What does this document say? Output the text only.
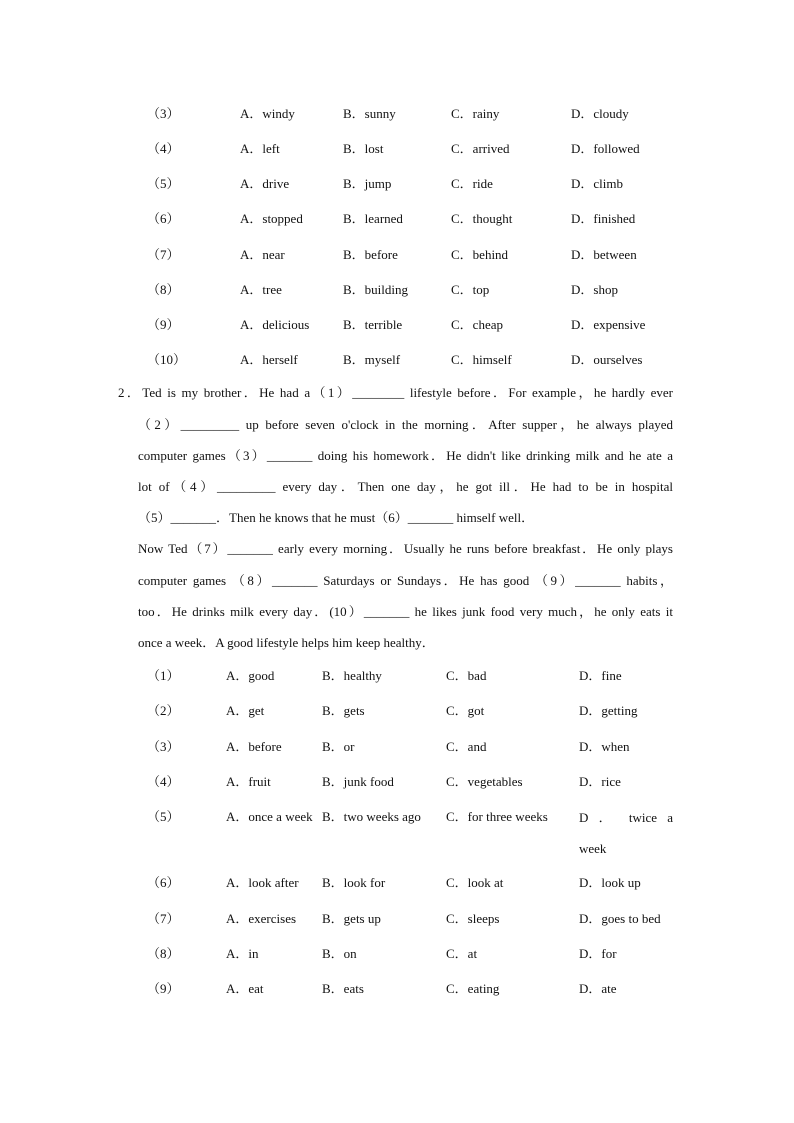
（3）	A．windy	B．sunny	C．rainy	D．cloudy
（4）	A．left	B．lost	C．arrived	D．followed
（5）	A．drive	B．jump	C．ride	D．climb
（6）	A．stopped	B．learned	C．thought	D．finished
（7）	A．near	B．before	C．behind	D．between
（8）	A．tree	B．building	C．top	D．shop
（9）	A．delicious	B．terrible	C．cheap	D．expensive
（10）	A．herself	B．myself	C．himself	D．ourselves
2．Ted is my brother．He had a（1）________ lifestyle before．For example，he hardly ever
（2）_________ up before seven o'clock in the morning．After supper，he always played
computer games（3）_______ doing his homework．He didn't like drinking milk and he ate a
lot of（4）_________ every day．Then one day，he got ill．He had to be in hospital
（5）_______．Then he knows that he must（6）_______ himself well．
Now Ted（7）_______ early every morning．Usually he runs before breakfast．He only plays
computer games （8）_______ Saturdays or Sundays．He has good （9）_______ habits，
too．He drinks milk every day．(10）_______ he likes junk food very much，he only eats it
once a week．A good lifestyle helps him keep healthy．
（1）	A．good	B．healthy	C．bad	D．fine
（2）	A．get	B．gets	C．got	D．getting
（3）	A．before	B．or	C．and	D．when
（4）	A．fruit	B．junk food	C．vegetables	D．rice
（5）	A．once a week B．two weeks ago C．for three weeks D ． twice a week
（6）	A．look after B．look for	C．look at	D．look up
（7）	A．exercises B．gets up	C．sleeps	D．goes to bed
（8）	A．in	B．on	C．at	D．for
（9）	A．eat	B．eats	C．eating	D．ate
